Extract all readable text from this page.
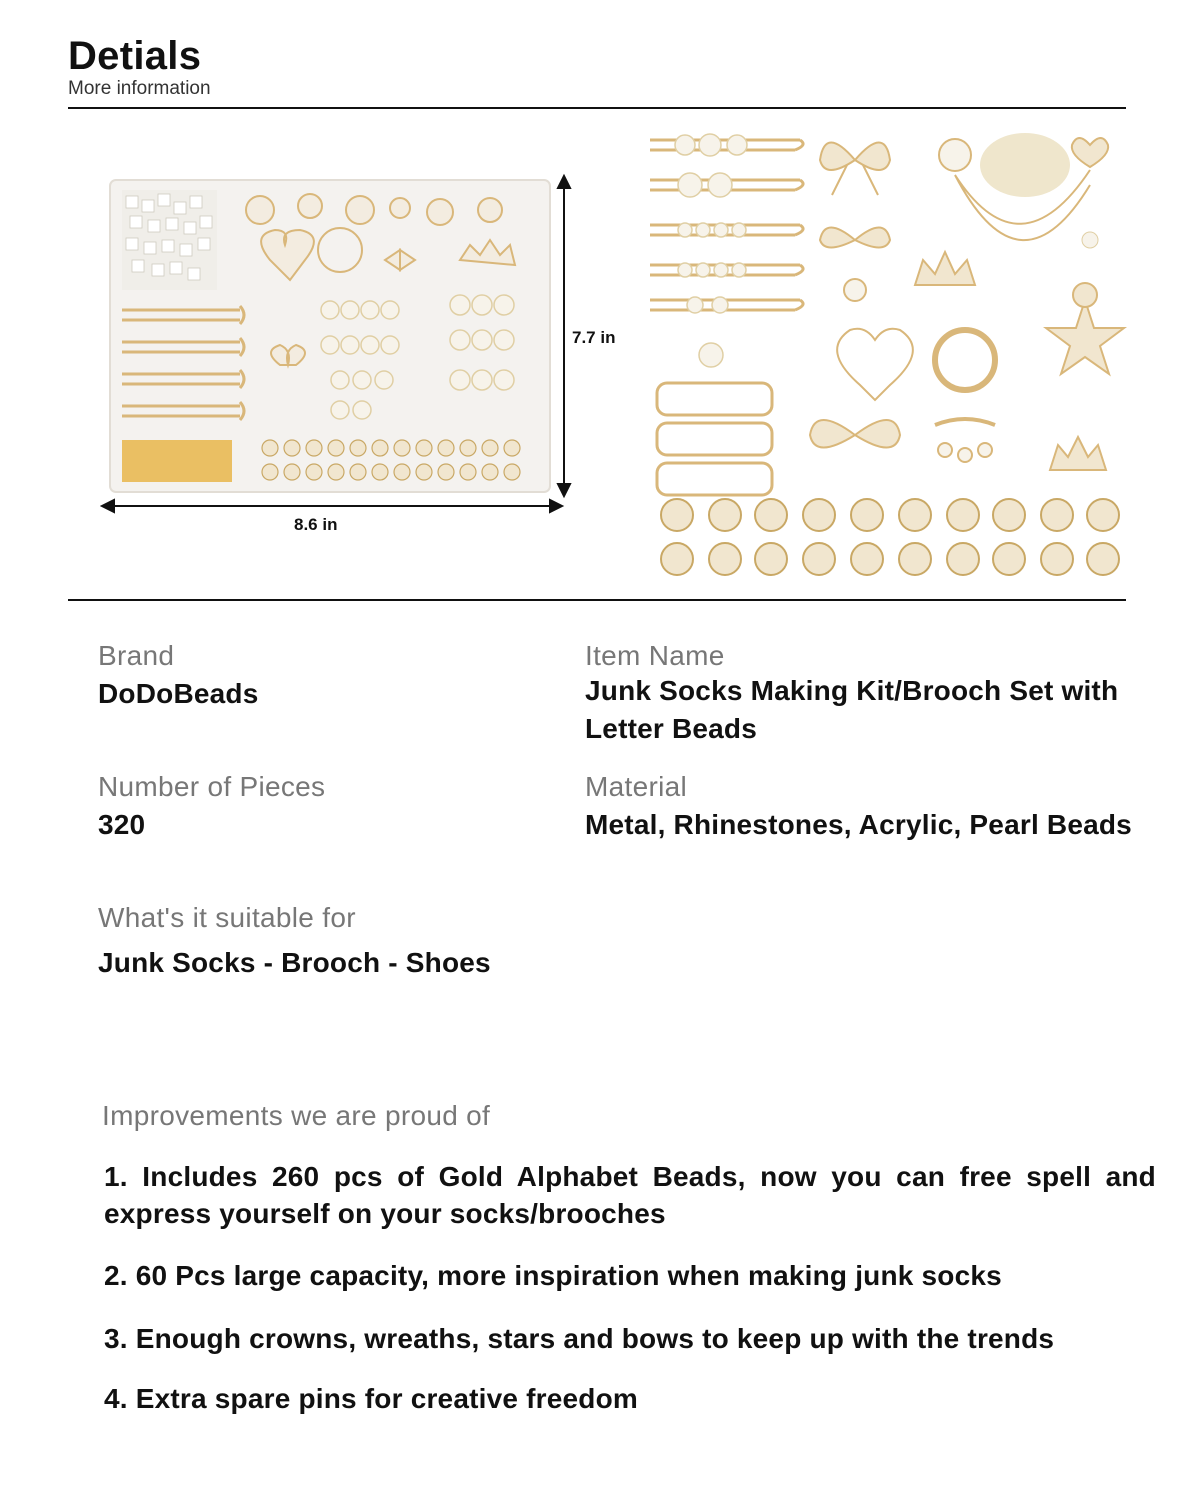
Detials
More information
7.7 in
8.6 in
Brand
DoDoBeads
Item Name
Junk Socks Making Kit/Brooch Set with Letter Beads
Number of Pieces
320
Material
Metal, Rhinestones, Acrylic, Pearl Beads
What's it suitable for
Junk Socks - Brooch - Shoes
Improvements we are proud of
1. Includes 260 pcs of Gold Alphabet Beads, now you can free spell and express yourself on your socks/brooches
2. 60 Pcs large capacity, more inspiration when making junk socks
3. Enough crowns, wreaths, stars and bows to keep up with the trends
4. Extra spare pins for creative freedom
